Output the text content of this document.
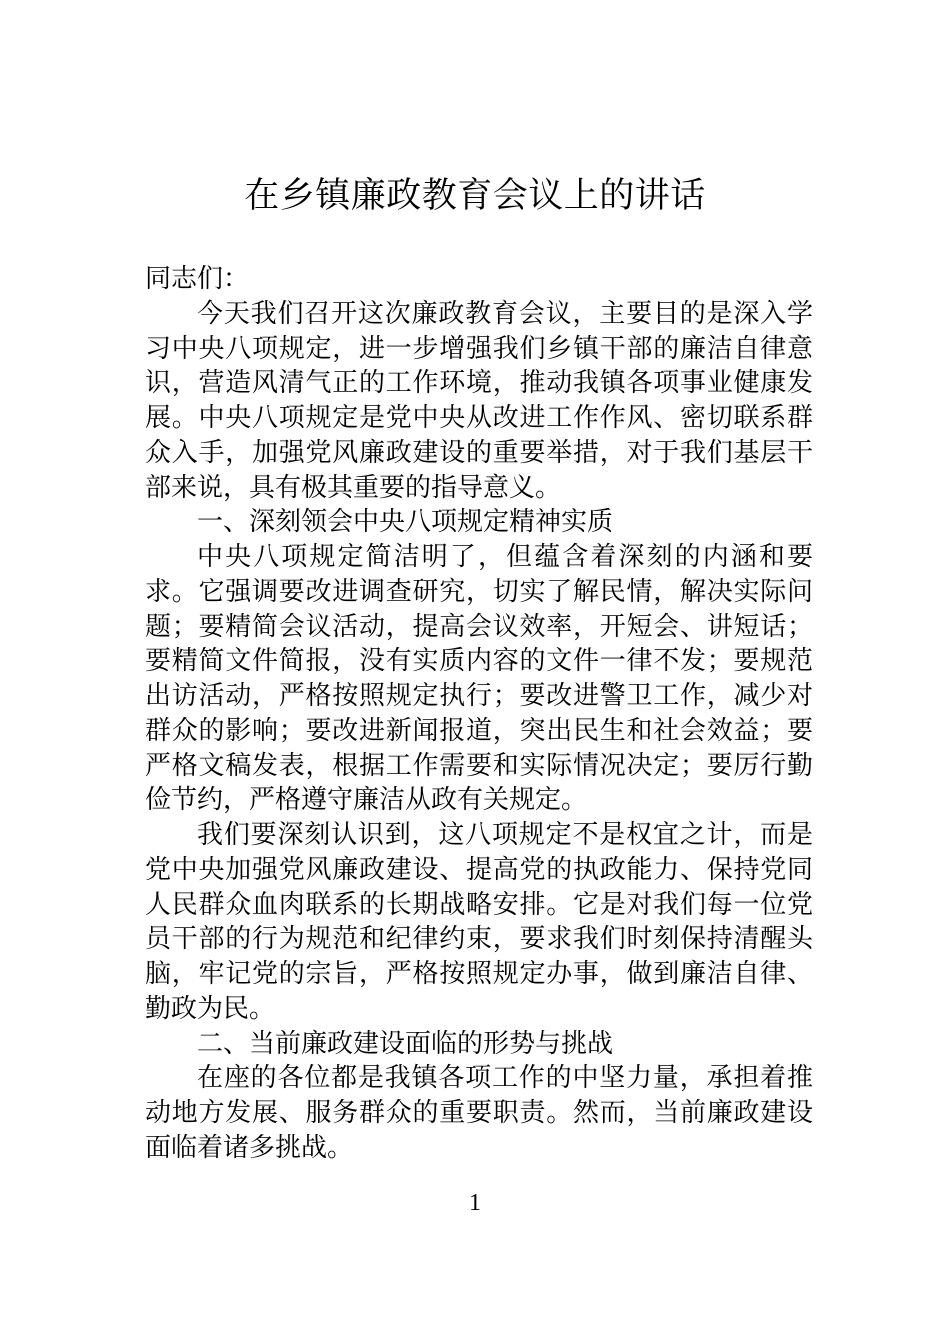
在乡镇廉政教育会议上的讲话

同志们：

今天我们召开这次廉政教育会议，主要目的是深入学习中央八项规定，进一步增强我们乡镇干部的廉洁自律意识，营造风清气正的工作环境，推动我镇各项事业健康发展。中央八项规定是党中央从改进工作作风、密切联系群众入手，加强党风廉政建设的重要举措，对于我们基层干部来说，具有极其重要的指导意义。

一、深刻领会中央八项规定精神实质

中央八项规定简洁明了，但蕴含着深刻的内涵和要求。它强调要改进调查研究，切实了解民情，解决实际问题；要精简会议活动，提高会议效率，开短会、讲短话；要精简文件简报，没有实质内容的文件一律不发；要规范出访活动，严格按照规定执行；要改进警卫工作，减少对群众的影响；要改进新闻报道，突出民生和社会效益；要严格文稿发表，根据工作需要和实际情况决定；要厉行勤俭节约，严格遵守廉洁从政有关规定。

我们要深刻认识到，这八项规定不是权宜之计，而是党中央加强党风廉政建设、提高党的执政能力、保持党同人民群众血肉联系的长期战略安排。它是对我们每一位党员干部的行为规范和纪律约束，要求我们时刻保持清醒头脑，牢记党的宗旨，严格按照规定办事，做到廉洁自律、勤政为民。

二、当前廉政建设面临的形势与挑战

在座的各位都是我镇各项工作的中坚力量，承担着推动地方发展、服务群众的重要职责。然而，当前廉政建设面临着诸多挑战。

1
